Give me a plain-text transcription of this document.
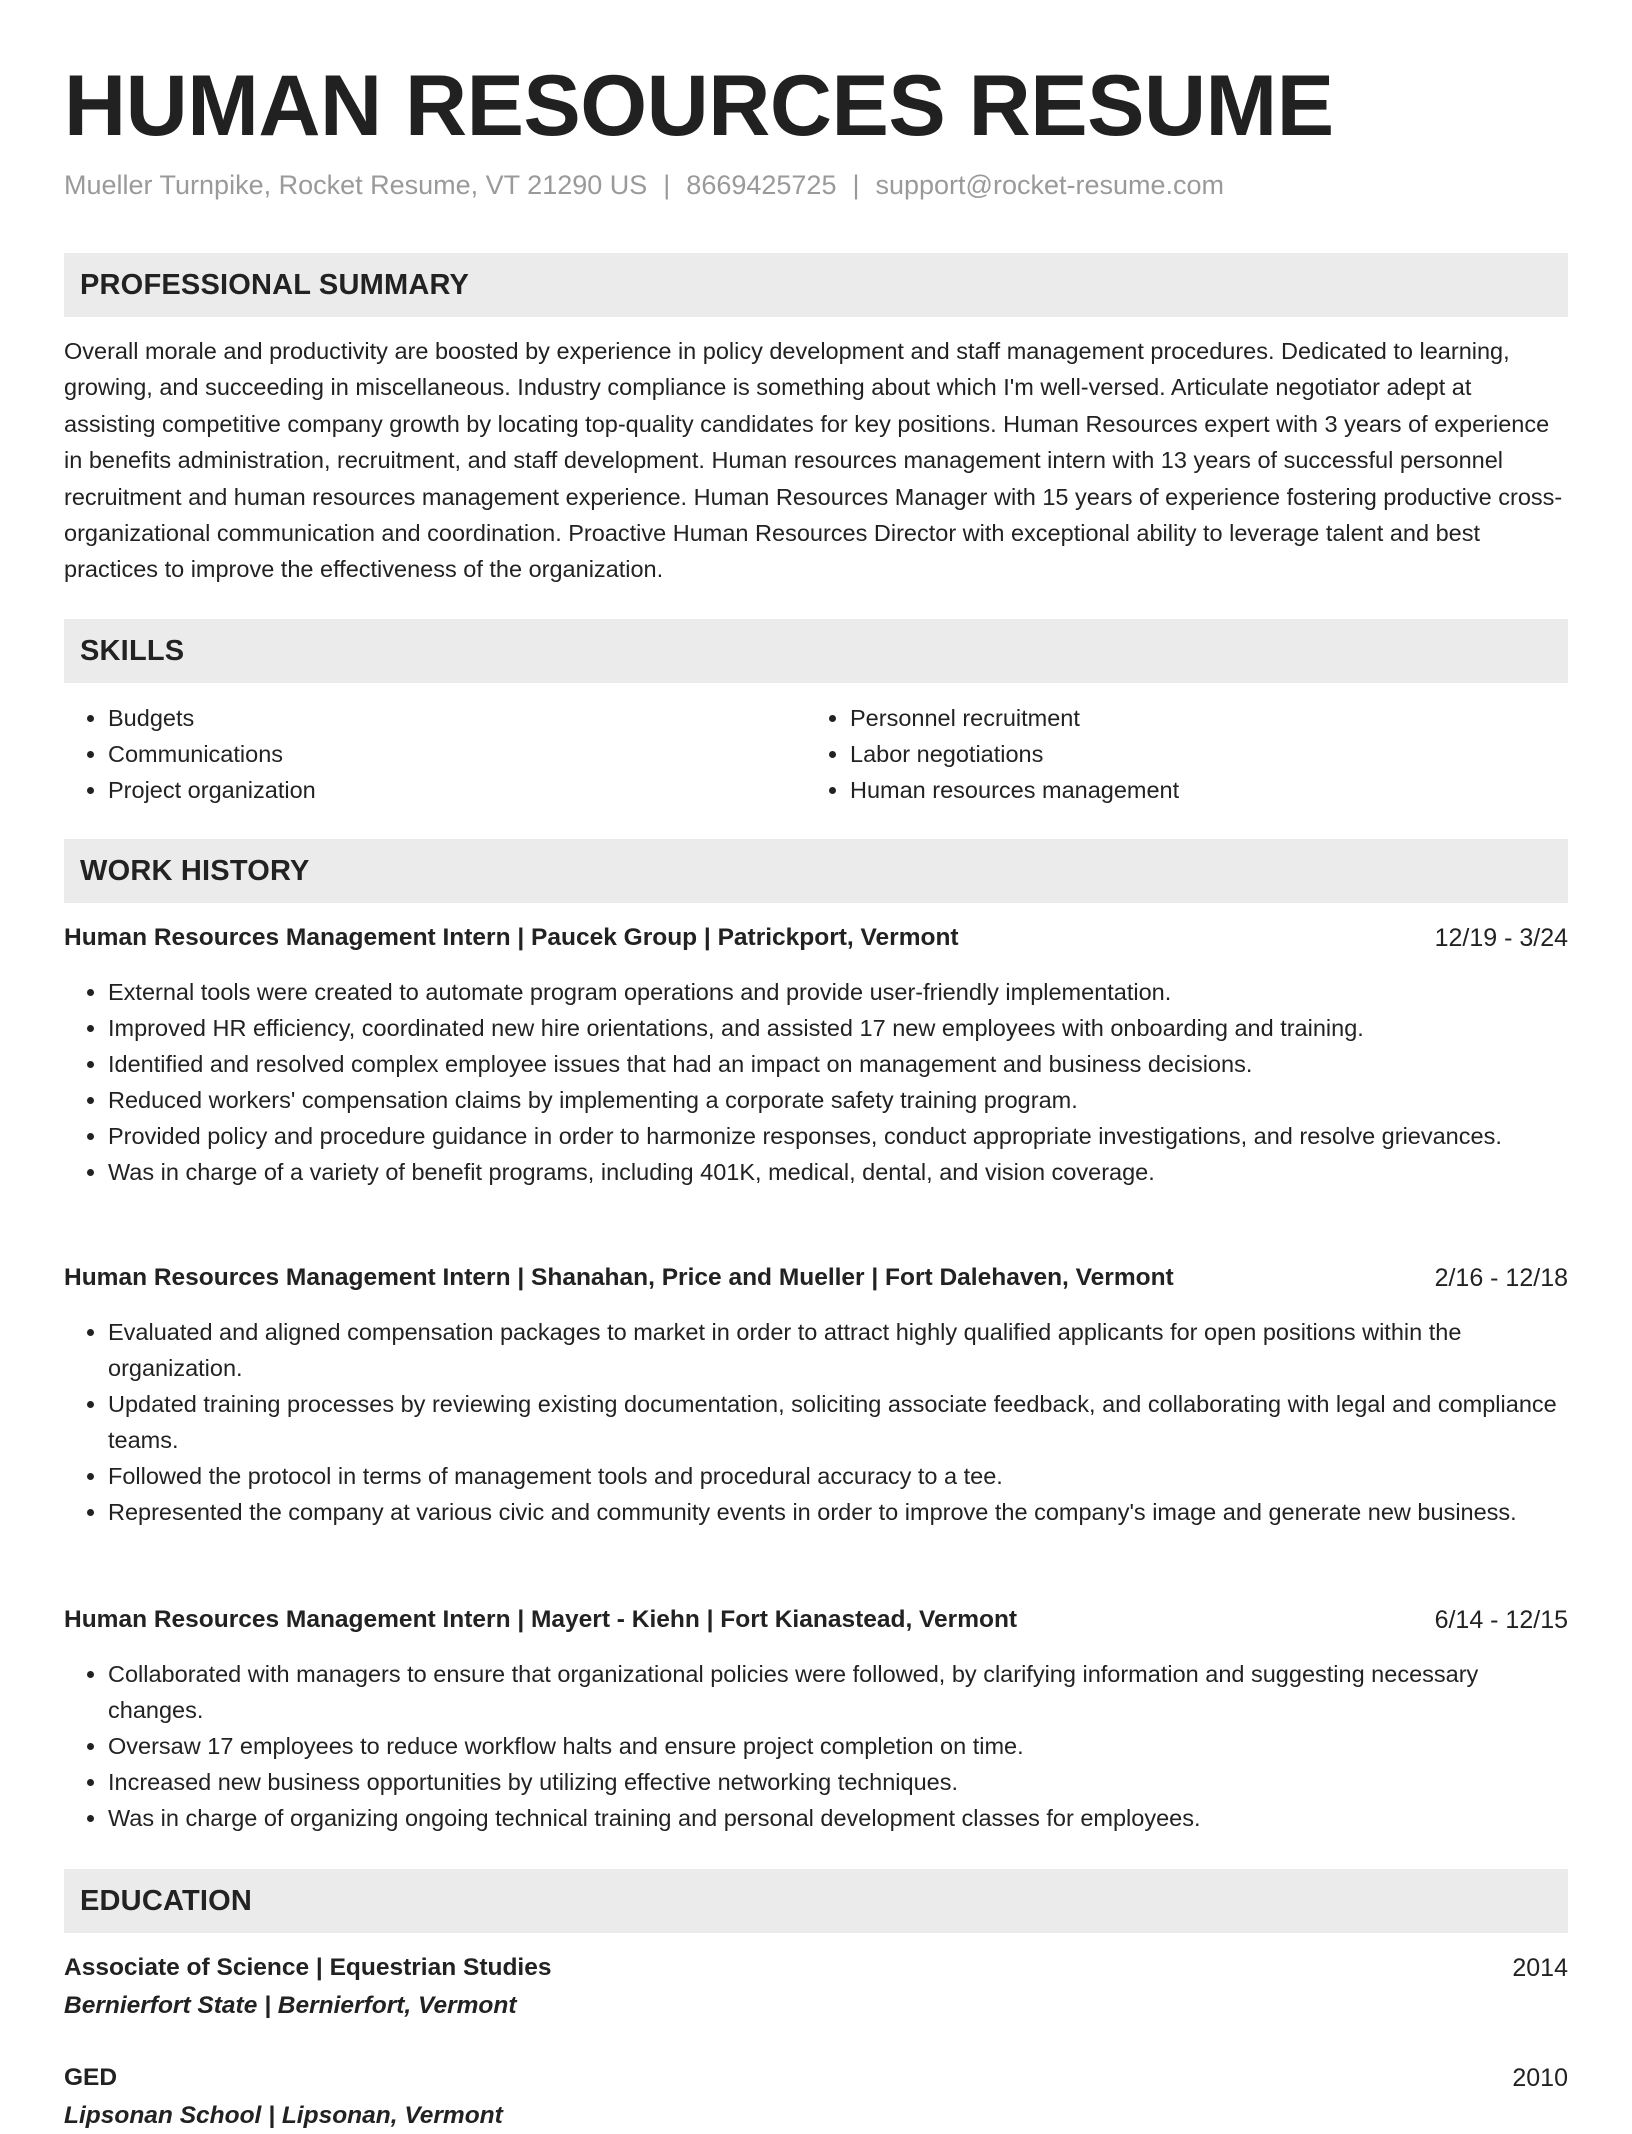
HUMAN RESOURCES RESUME
Mueller Turnpike, Rocket Resume, VT 21290 US | 8669425725 | support@rocket-resume.com
PROFESSIONAL SUMMARY

Overall morale and productivity are boosted by experience in policy development and staff management procedures. Dedicated to learning, growing, and succeeding in miscellaneous. Industry compliance is something about which I'm well-versed. Articulate negotiator adept at assisting competitive company growth by locating top-quality candidates for key positions. Human Resources expert with 3 years of experience in benefits administration, recruitment, and staff development. Human resources management intern with 13 years of successful personnel recruitment and human resources management experience. Human Resources Manager with 15 years of experience fostering productive cross-organizational communication and coordination. Proactive Human Resources Director with exceptional ability to leverage talent and best practices to improve the effectiveness of the organization.

SKILLS
• Budgets
• Communications
• Project organization
• Personnel recruitment
• Labor negotiations
• Human resources management
WORK HISTORY
Human Resources Management Intern | Paucek Group | Patrickport, Vermont	12/19 - 3/24
• External tools were created to automate program operations and provide user-friendly implementation.
• Improved HR efficiency, coordinated new hire orientations, and assisted 17 new employees with onboarding and training.
• Identified and resolved complex employee issues that had an impact on management and business decisions.
• Reduced workers' compensation claims by implementing a corporate safety training program.
• Provided policy and procedure guidance in order to harmonize responses, conduct appropriate investigations, and resolve grievances.
• Was in charge of a variety of benefit programs, including 401K, medical, dental, and vision coverage.
Human Resources Management Intern | Shanahan, Price and Mueller | Fort Dalehaven, Vermont	2/16 - 12/18
• Evaluated and aligned compensation packages to market in order to attract highly qualified applicants for open positions within the organization.
• Updated training processes by reviewing existing documentation, soliciting associate feedback, and collaborating with legal and compliance teams.
• Followed the protocol in terms of management tools and procedural accuracy to a tee.
• Represented the company at various civic and community events in order to improve the company's image and generate new business.
Human Resources Management Intern | Mayert - Kiehn | Fort Kianastead, Vermont	6/14 - 12/15
• Collaborated with managers to ensure that organizational policies were followed, by clarifying information and suggesting necessary changes.
• Oversaw 17 employees to reduce workflow halts and ensure project completion on time.
• Increased new business opportunities by utilizing effective networking techniques.
• Was in charge of organizing ongoing technical training and personal development classes for employees.
EDUCATION
Associate of Science | Equestrian Studies	2014
Bernierfort State | Bernierfort, Vermont
GED	2010
Lipsonan School | Lipsonan, Vermont
